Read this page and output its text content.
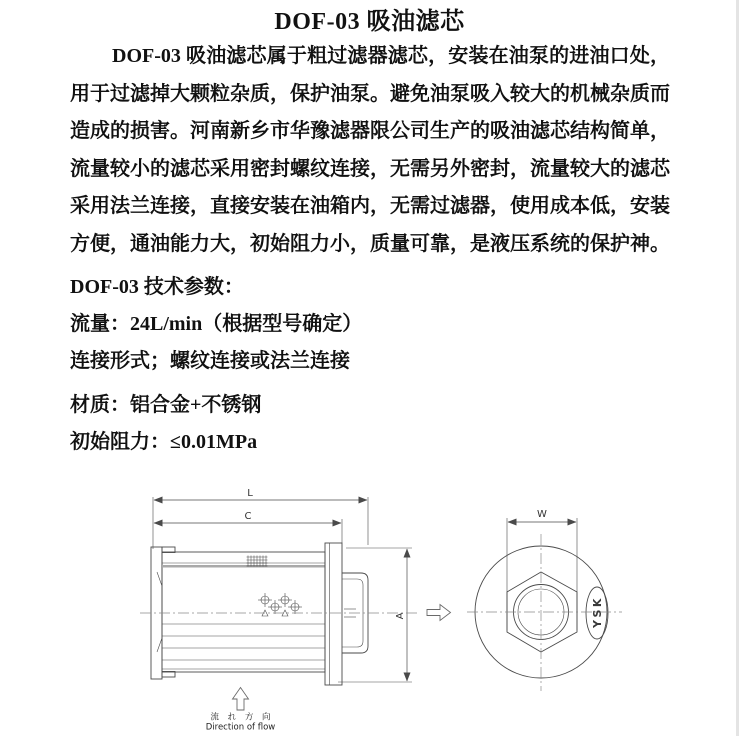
DOF-03 吸油滤芯
DOF-03 吸油滤芯属于粗过滤器滤芯，安装在油泵的进油口处，
用于过滤掉大颗粒杂质，保护油泵。避免油泵吸入较大的机械杂质而
造成的损害。河南新乡市华豫滤器限公司生产的吸油滤芯结构简单，
流量较小的滤芯采用密封螺纹连接，无需另外密封，流量较大的滤芯
采用法兰连接，直接安装在油箱内，无需过滤器，使用成本低，安装
方便，通油能力大，初始阻力小，质量可靠，是液压系统的保护神。
DOF-03 技术参数：
流量：24L/min（根据型号确定）
连接形式；螺纹连接或法兰连接
材质：铝合金+不锈钢
初始阻力：≤0.01MPa
L
C
A
流 れ 方 向
Direction of flow
W
YSK
